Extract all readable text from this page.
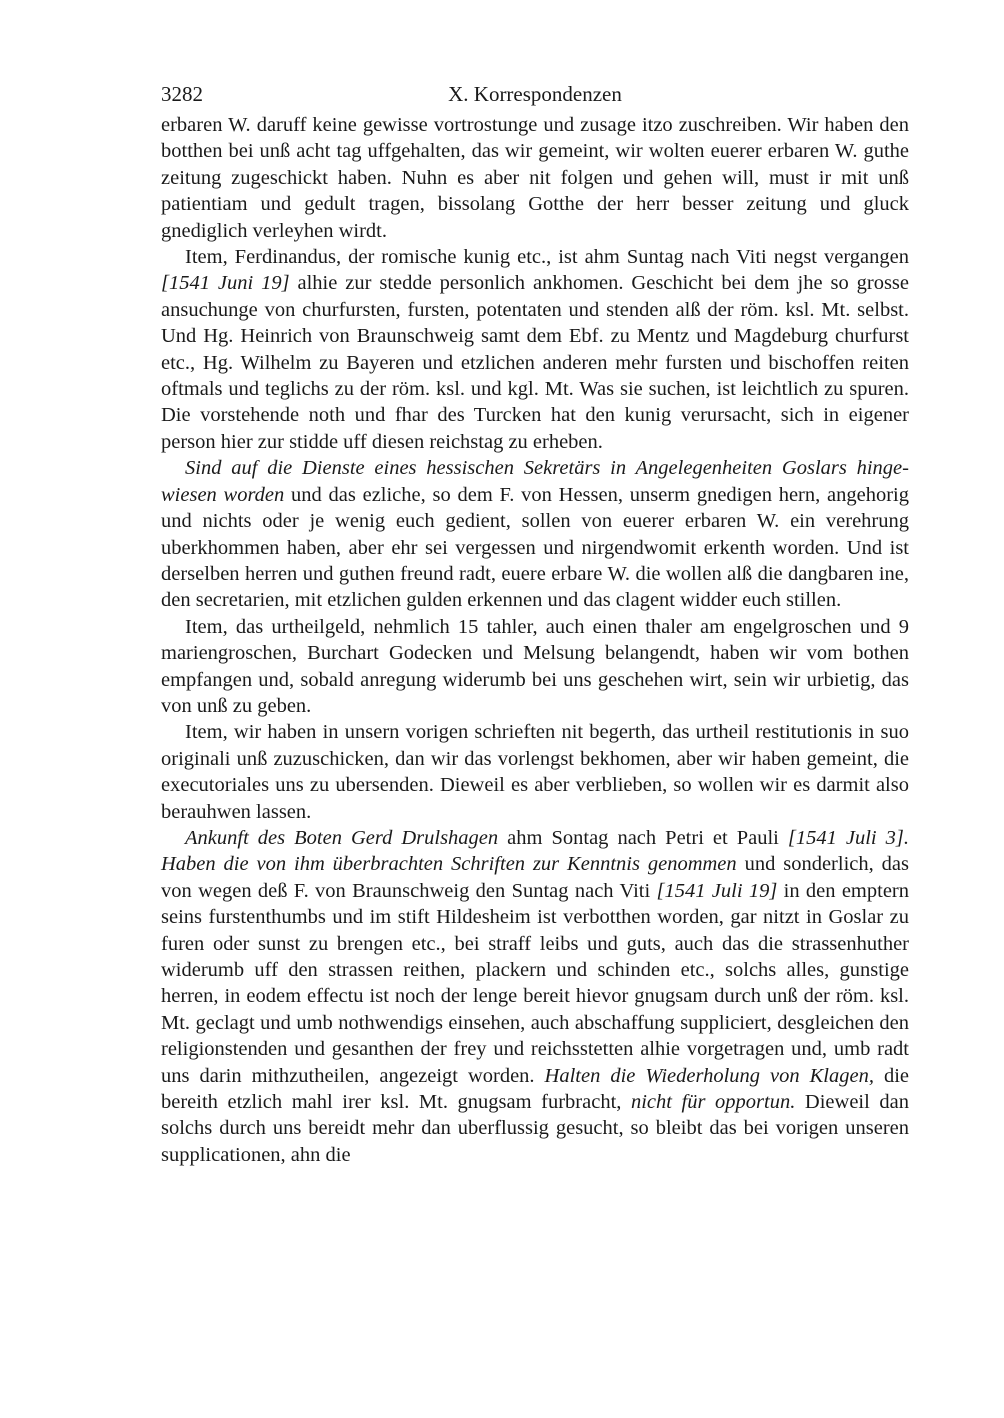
3282	X. Korrespondenzen

erbaren W. daruff keine gewisse vortrostunge und zusage itzo zuschreiben. Wir haben den botthen bei unß acht tag uffgehalten, das wir gemeint, wir wolten euerer erbaren W. guthe zeitung zugeschickt haben. Nuhn es aber nit folgen und gehen will, must ir mit unß patientiam und gedult tragen, bissolang Gotthe der herr besser zeitung und gluck gnediglich verleyhen wirdt.

Item, Ferdinandus, der romische kunig etc., ist ahm Suntag nach Viti negst vergangen [1541 Juni 19] alhie zur stedde personlich ankhomen. Geschicht bei dem jhe so grosse ansuchunge von churfursten, fursten, potentaten und stenden alß der röm. ksl. Mt. selbst. Und Hg. Heinrich von Braunschweig samt dem Ebf. zu Mentz und Magdeburg churfurst etc., Hg. Wilhelm zu Bayeren und etzlichen anderen mehr fursten und bischoffen reiten oftmals und teglichs zu der röm. ksl. und kgl. Mt. Was sie suchen, ist leichtlich zu spuren. Die vorstehende noth und fhar des Turcken hat den kunig verursacht, sich in eigener person hier zur stidde uff diesen reichstag zu erheben.

Sind auf die Dienste eines hessischen Sekretärs in Angelegenheiten Goslars hingewiesen worden und das ezliche, so dem F. von Hessen, unserm gnedigen hern, angehorig und nichts oder je wenig euch gedient, sollen von euerer erbaren W. ein verehrung uberkhommen haben, aber ehr sei vergessen und nirgendwomit erkenth worden. Und ist derselben herren und guthen freund radt, euere erbare W. die wollen alß die dangbaren ine, den secretarien, mit etzlichen gulden erkennen und das clagent widder euch stillen.

Item, das urtheilgeld, nehmlich 15 tahler, auch einen thaler am engelgroschen und 9 mariengroschen, Burchart Godecken und Melsung belangendt, haben wir vom bothen empfangen und, sobald anregung widerumb bei uns geschehen wirt, sein wir urbietig, das von unß zu geben.

Item, wir haben in unsern vorigen schrieften nit begerth, das urtheil restitutionis in suo originali unß zuzuschicken, dan wir das vorlengst bekhomen, aber wir haben gemeint, die executoriales uns zu ubersenden. Dieweil es aber verblieben, so wollen wir es darmit also berauhwen lassen.

Ankunft des Boten Gerd Drulshagen ahm Sontag nach Petri et Pauli [1541 Juli 3]. Haben die von ihm überbrachten Schriften zur Kenntnis genommen und sonderlich, das von wegen deß F. von Braunschweig den Suntag nach Viti [1541 Juli 19] in den emptern seins furstenthumbs und im stift Hildesheim ist verbotthen worden, gar nitzt in Goslar zu furen oder sunst zu brengen etc., bei straff leibs und guts, auch das die strassenhuther widerumb uff den strassen reithen, plackern und schinden etc., solchs alles, gunstige herren, in eodem effectu ist noch der lenge bereit hievor gnugsam durch unß der röm. ksl. Mt. geclagt und umb nothwendigs einsehen, auch abschaffung suppliciert, desgleichen den religionstenden und gesanthen der frey und reichsstetten alhie vorgetragen und, umb radt uns darin mithzutheilen, angezeigt worden. Halten die Wiederholung von Klagen, die bereith etzlich mahl irer ksl. Mt. gnugsam furbracht, nicht für opportun. Dieweil dan solchs durch uns bereidt mehr dan uberflussig gesucht, so bleibt das bei vorigen unseren supplicationen, ahn die
